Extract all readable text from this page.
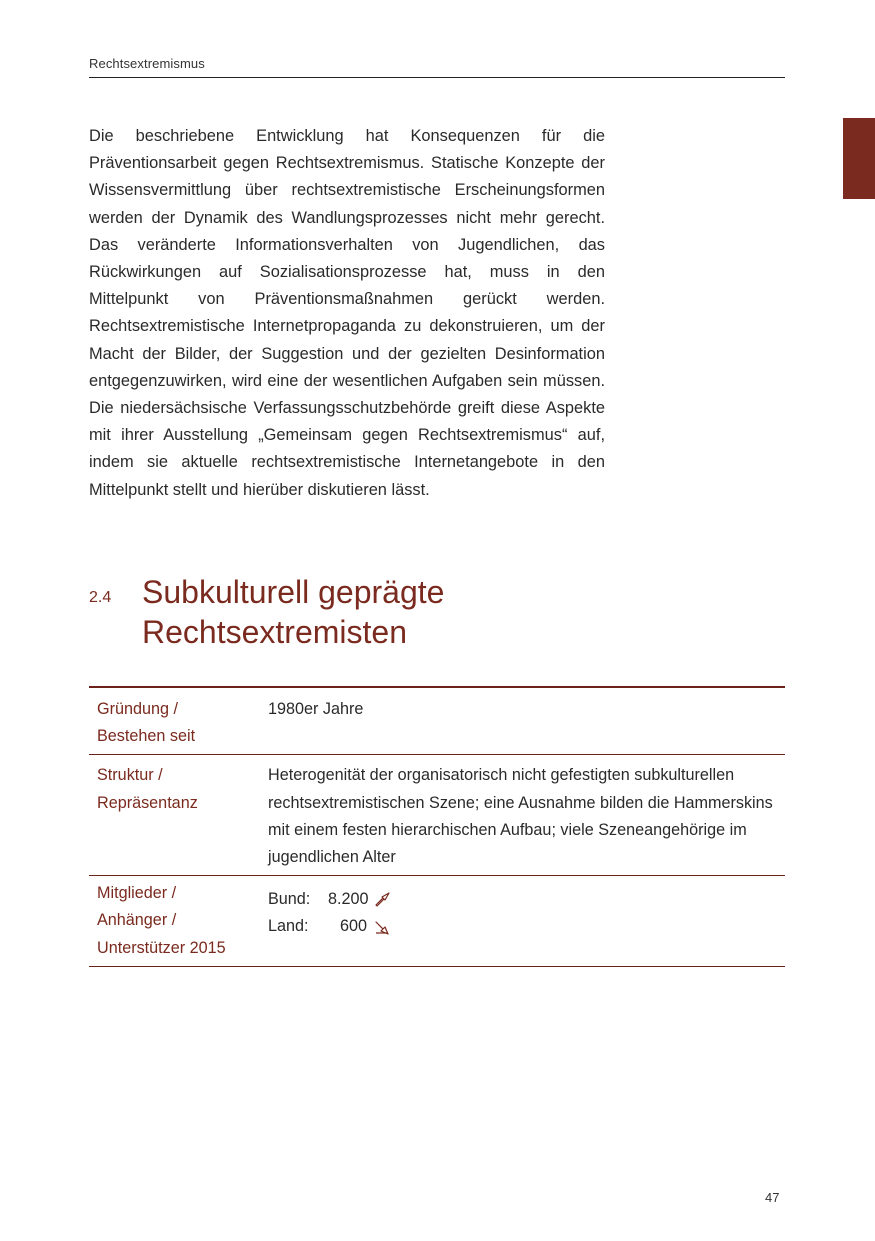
Rechtsextremismus

Die beschriebene Entwicklung hat Konsequenzen für die Präventionsarbeit gegen Rechtsextremismus. Statische Konzepte der Wissensvermittlung über rechtsextremistische Erscheinungsformen werden der Dynamik des Wandlungsprozesses nicht mehr gerecht. Das veränderte Informationsverhalten von Jugendlichen, das Rückwirkungen auf Sozialisationsprozesse hat, muss in den Mittelpunkt von Präventionsmaßnahmen gerückt werden. Rechtsextremistische Internetpropaganda zu dekonstruieren, um der Macht der Bilder, der Suggestion und der gezielten Desinformation entgegenzuwirken, wird eine der wesentlichen Aufgaben sein müssen. Die niedersächsische Verfassungsschutzbehörde greift diese Aspekte mit ihrer Ausstellung „Gemeinsam gegen Rechtsextremismus“ auf, indem sie aktuelle rechtsextremistische Internetangebote in den Mittelpunkt stellt und hierüber diskutieren lässt.

2.4 Subkulturell geprägte
Rechtsextremisten
Gründung /
Bestehen seit	1980er Jahre

Struktur /
Repräsentanz	Heterogenität der organisatorisch nicht gefestigten subkulturellen rechtsextremistischen Szene; eine Ausnahme bilden die Hammerskins mit einem festen hierarchischen Aufbau; viele Szeneangehörige im jugendlichen Alter

Mitglieder /
Anhänger /
Unterstützer 2015

Bund:	8.200
Land:	600
47
